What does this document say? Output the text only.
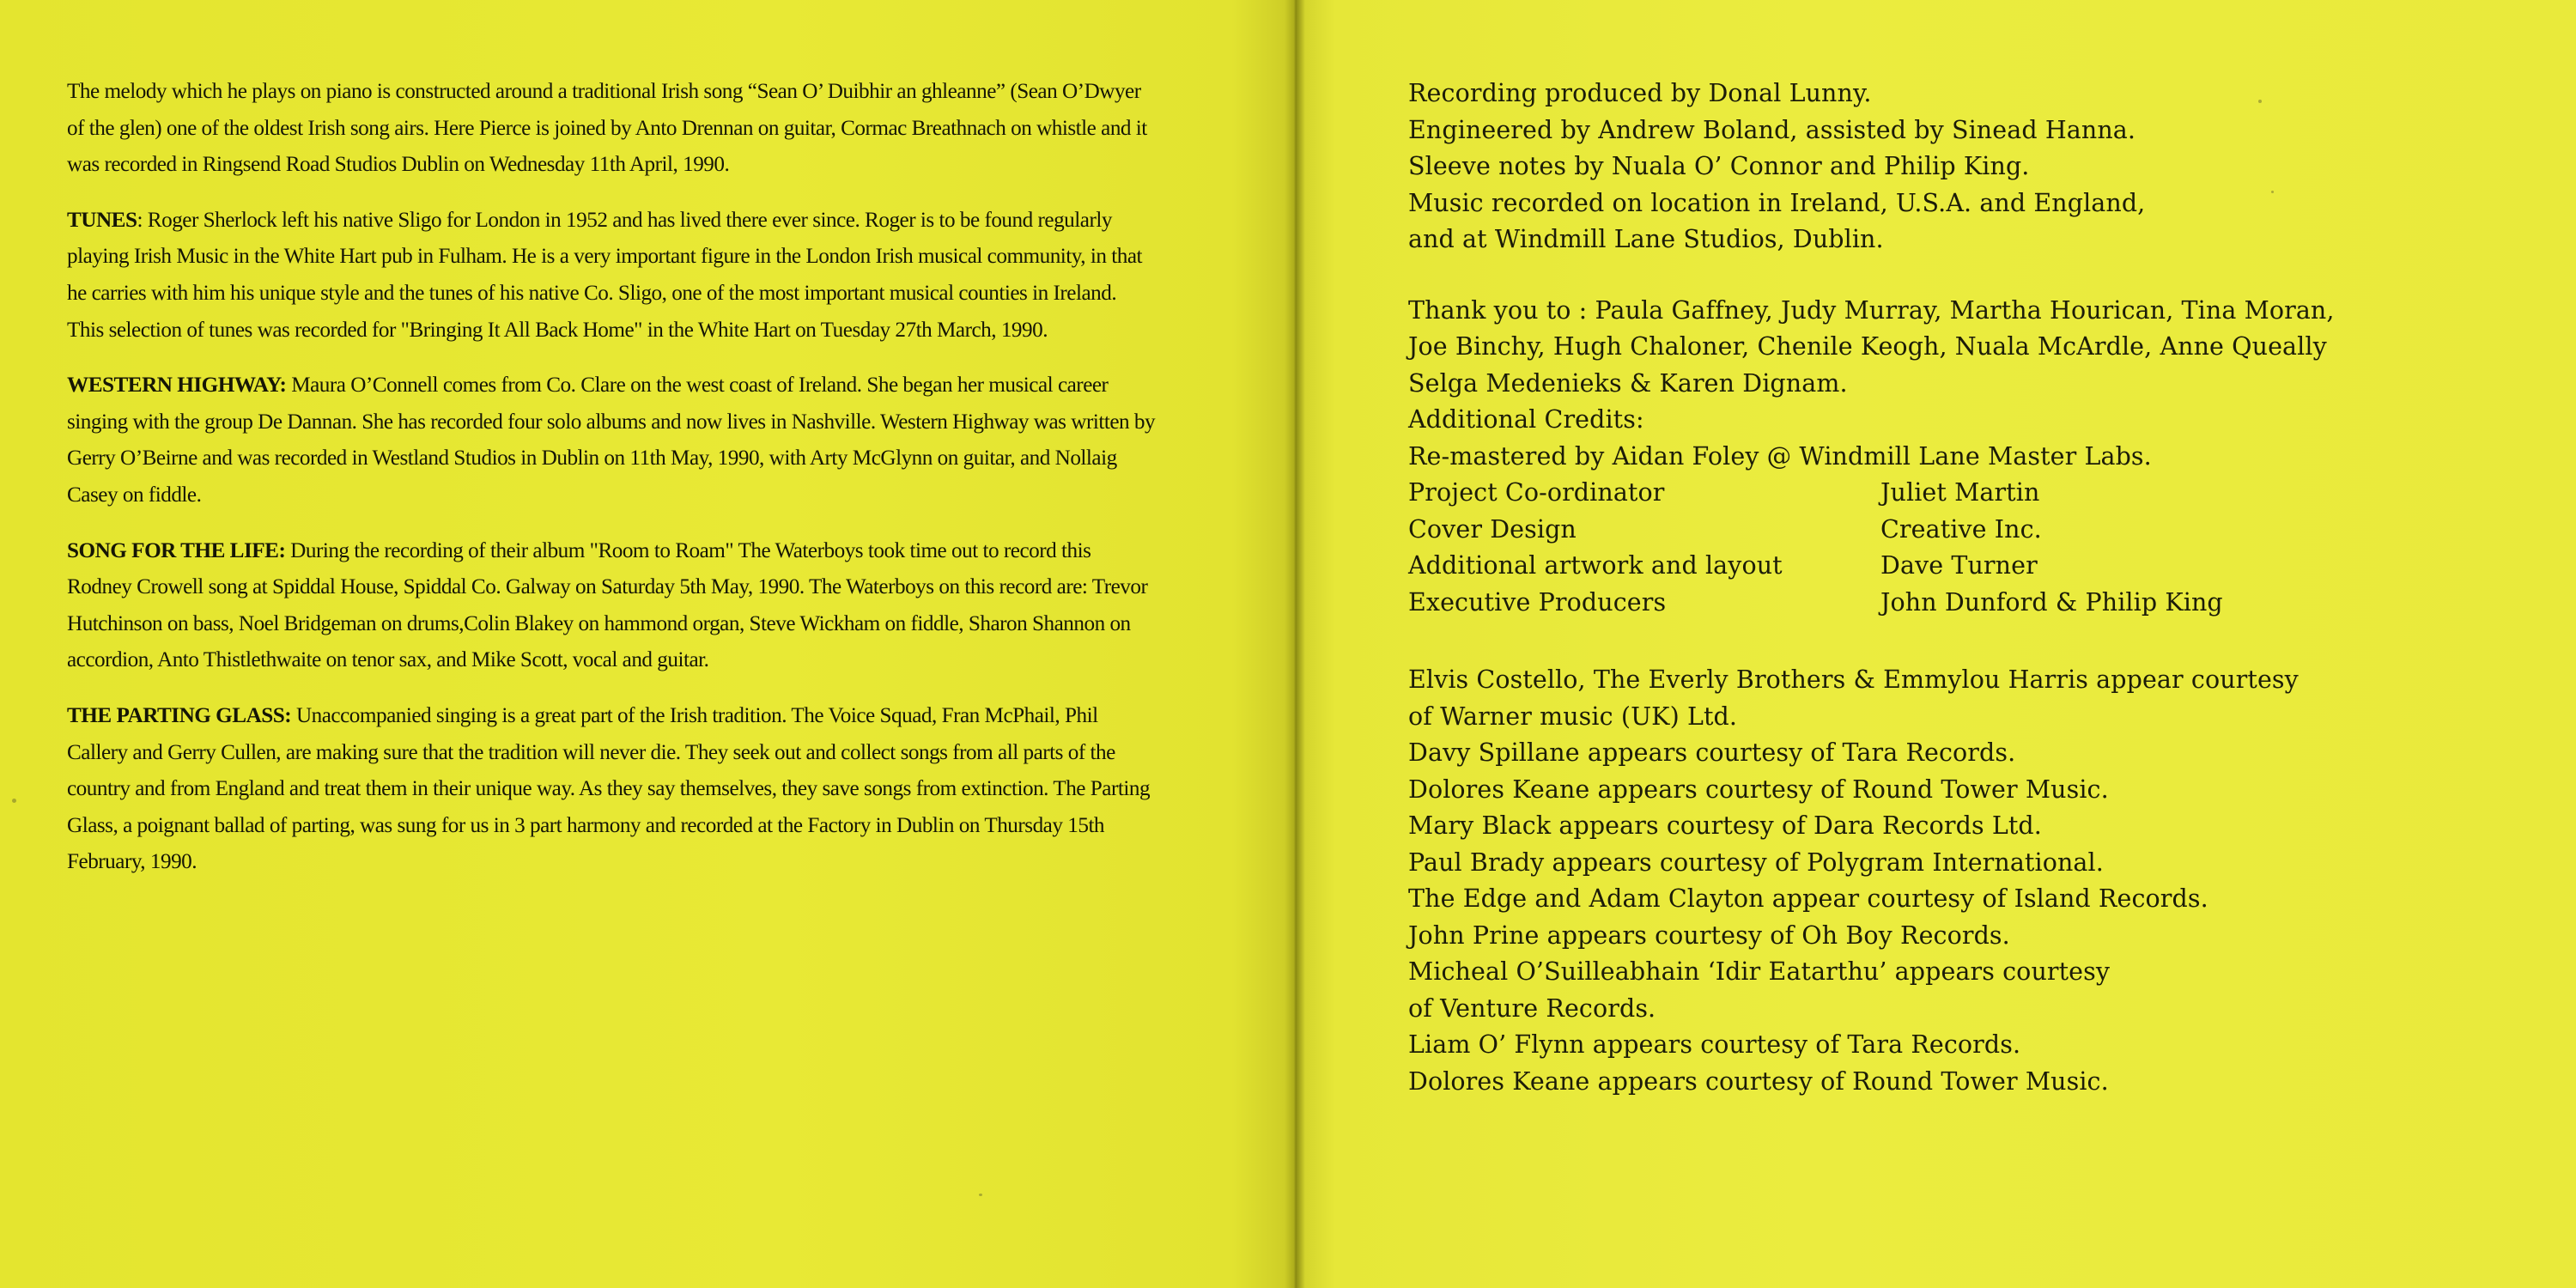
The melody which he plays on piano is constructed around a traditional Irish song “Sean O’ Duibhir an ghleanne” (Sean O’Dwyer of the glen) one of the oldest Irish song airs. Here Pierce is joined by Anto Drennan on guitar, Cormac Breathnach on whistle and it was recorded in Ringsend Road Studios Dublin on Wednesday 11th April, 1990.

TUNES: Roger Sherlock left his native Sligo for London in 1952 and has lived there ever since. Roger is to be found regularly playing Irish Music in the White Hart pub in Fulham. He is a very important figure in the London Irish musical community, in that he carries with him his unique style and the tunes of his native Co. Sligo, one of the most important musical counties in Ireland. This selection of tunes was recorded for "Bringing It All Back Home" in the White Hart on Tuesday 27th March, 1990.

WESTERN HIGHWAY: Maura O’Connell comes from Co. Clare on the west coast of Ireland. She began her musical career singing with the group De Dannan. She has recorded four solo albums and now lives in Nashville. Western Highway was written by Gerry O’Beirne and was recorded in Westland Studios in Dublin on 11th May, 1990, with Arty McGlynn on guitar, and Nollaig Casey on fiddle.

SONG FOR THE LIFE: During the recording of their album "Room to Roam" The Waterboys took time out to record this Rodney Crowell song at Spiddal House, Spiddal Co. Galway on Saturday 5th May, 1990. The Waterboys on this record are: Trevor Hutchinson on bass, Noel Bridgeman on drums,Colin Blakey on hammond organ, Steve Wickham on fiddle, Sharon Shannon on accordion, Anto Thistlethwaite on tenor sax, and Mike Scott, vocal and guitar.

THE PARTING GLASS: Unaccompanied singing is a great part of the Irish tradition. The Voice Squad, Fran McPhail, Phil Callery and Gerry Cullen, are making sure that the tradition will never die. They seek out and collect songs from all parts of the country and from England and treat them in their unique way. As they say themselves, they save songs from extinction. The Parting Glass, a poignant ballad of parting, was sung for us in 3 part harmony and recorded at the Factory in Dublin on Thursday 15th February, 1990.

Recording produced by Donal Lunny.
Engineered by Andrew Boland, assisted by Sinead Hanna.
Sleeve notes by Nuala O’ Connor and Philip King.
Music recorded on location in Ireland, U.S.A. and England,
and at Windmill Lane Studios, Dublin.
Thank you to : Paula Gaffney, Judy Murray, Martha Hourican, Tina Moran,
Joe Binchy, Hugh Chaloner, Chenile Keogh, Nuala McArdle, Anne Queally
Selga Medenieks & Karen Dignam.
Additional Credits:
Re-mastered by Aidan Foley @ Windmill Lane Master Labs.
Project Co-ordinator	Juliet Martin
Cover Design	Creative Inc.
Additional artwork and layout	Dave Turner
Executive Producers	John Dunford & Philip King
Elvis Costello, The Everly Brothers & Emmylou Harris appear courtesy
of Warner music (UK) Ltd.
Davy Spillane appears courtesy of Tara Records.
Dolores Keane appears courtesy of Round Tower Music.
Mary Black appears courtesy of Dara Records Ltd.
Paul Brady appears courtesy of Polygram International.
The Edge and Adam Clayton appear courtesy of Island Records.
John Prine appears courtesy of Oh Boy Records.
Micheal O’Suilleabhain ‘Idir Eatarthu’ appears courtesy
of Venture Records.
Liam O’ Flynn appears courtesy of Tara Records.
Dolores Keane appears courtesy of Round Tower Music.
